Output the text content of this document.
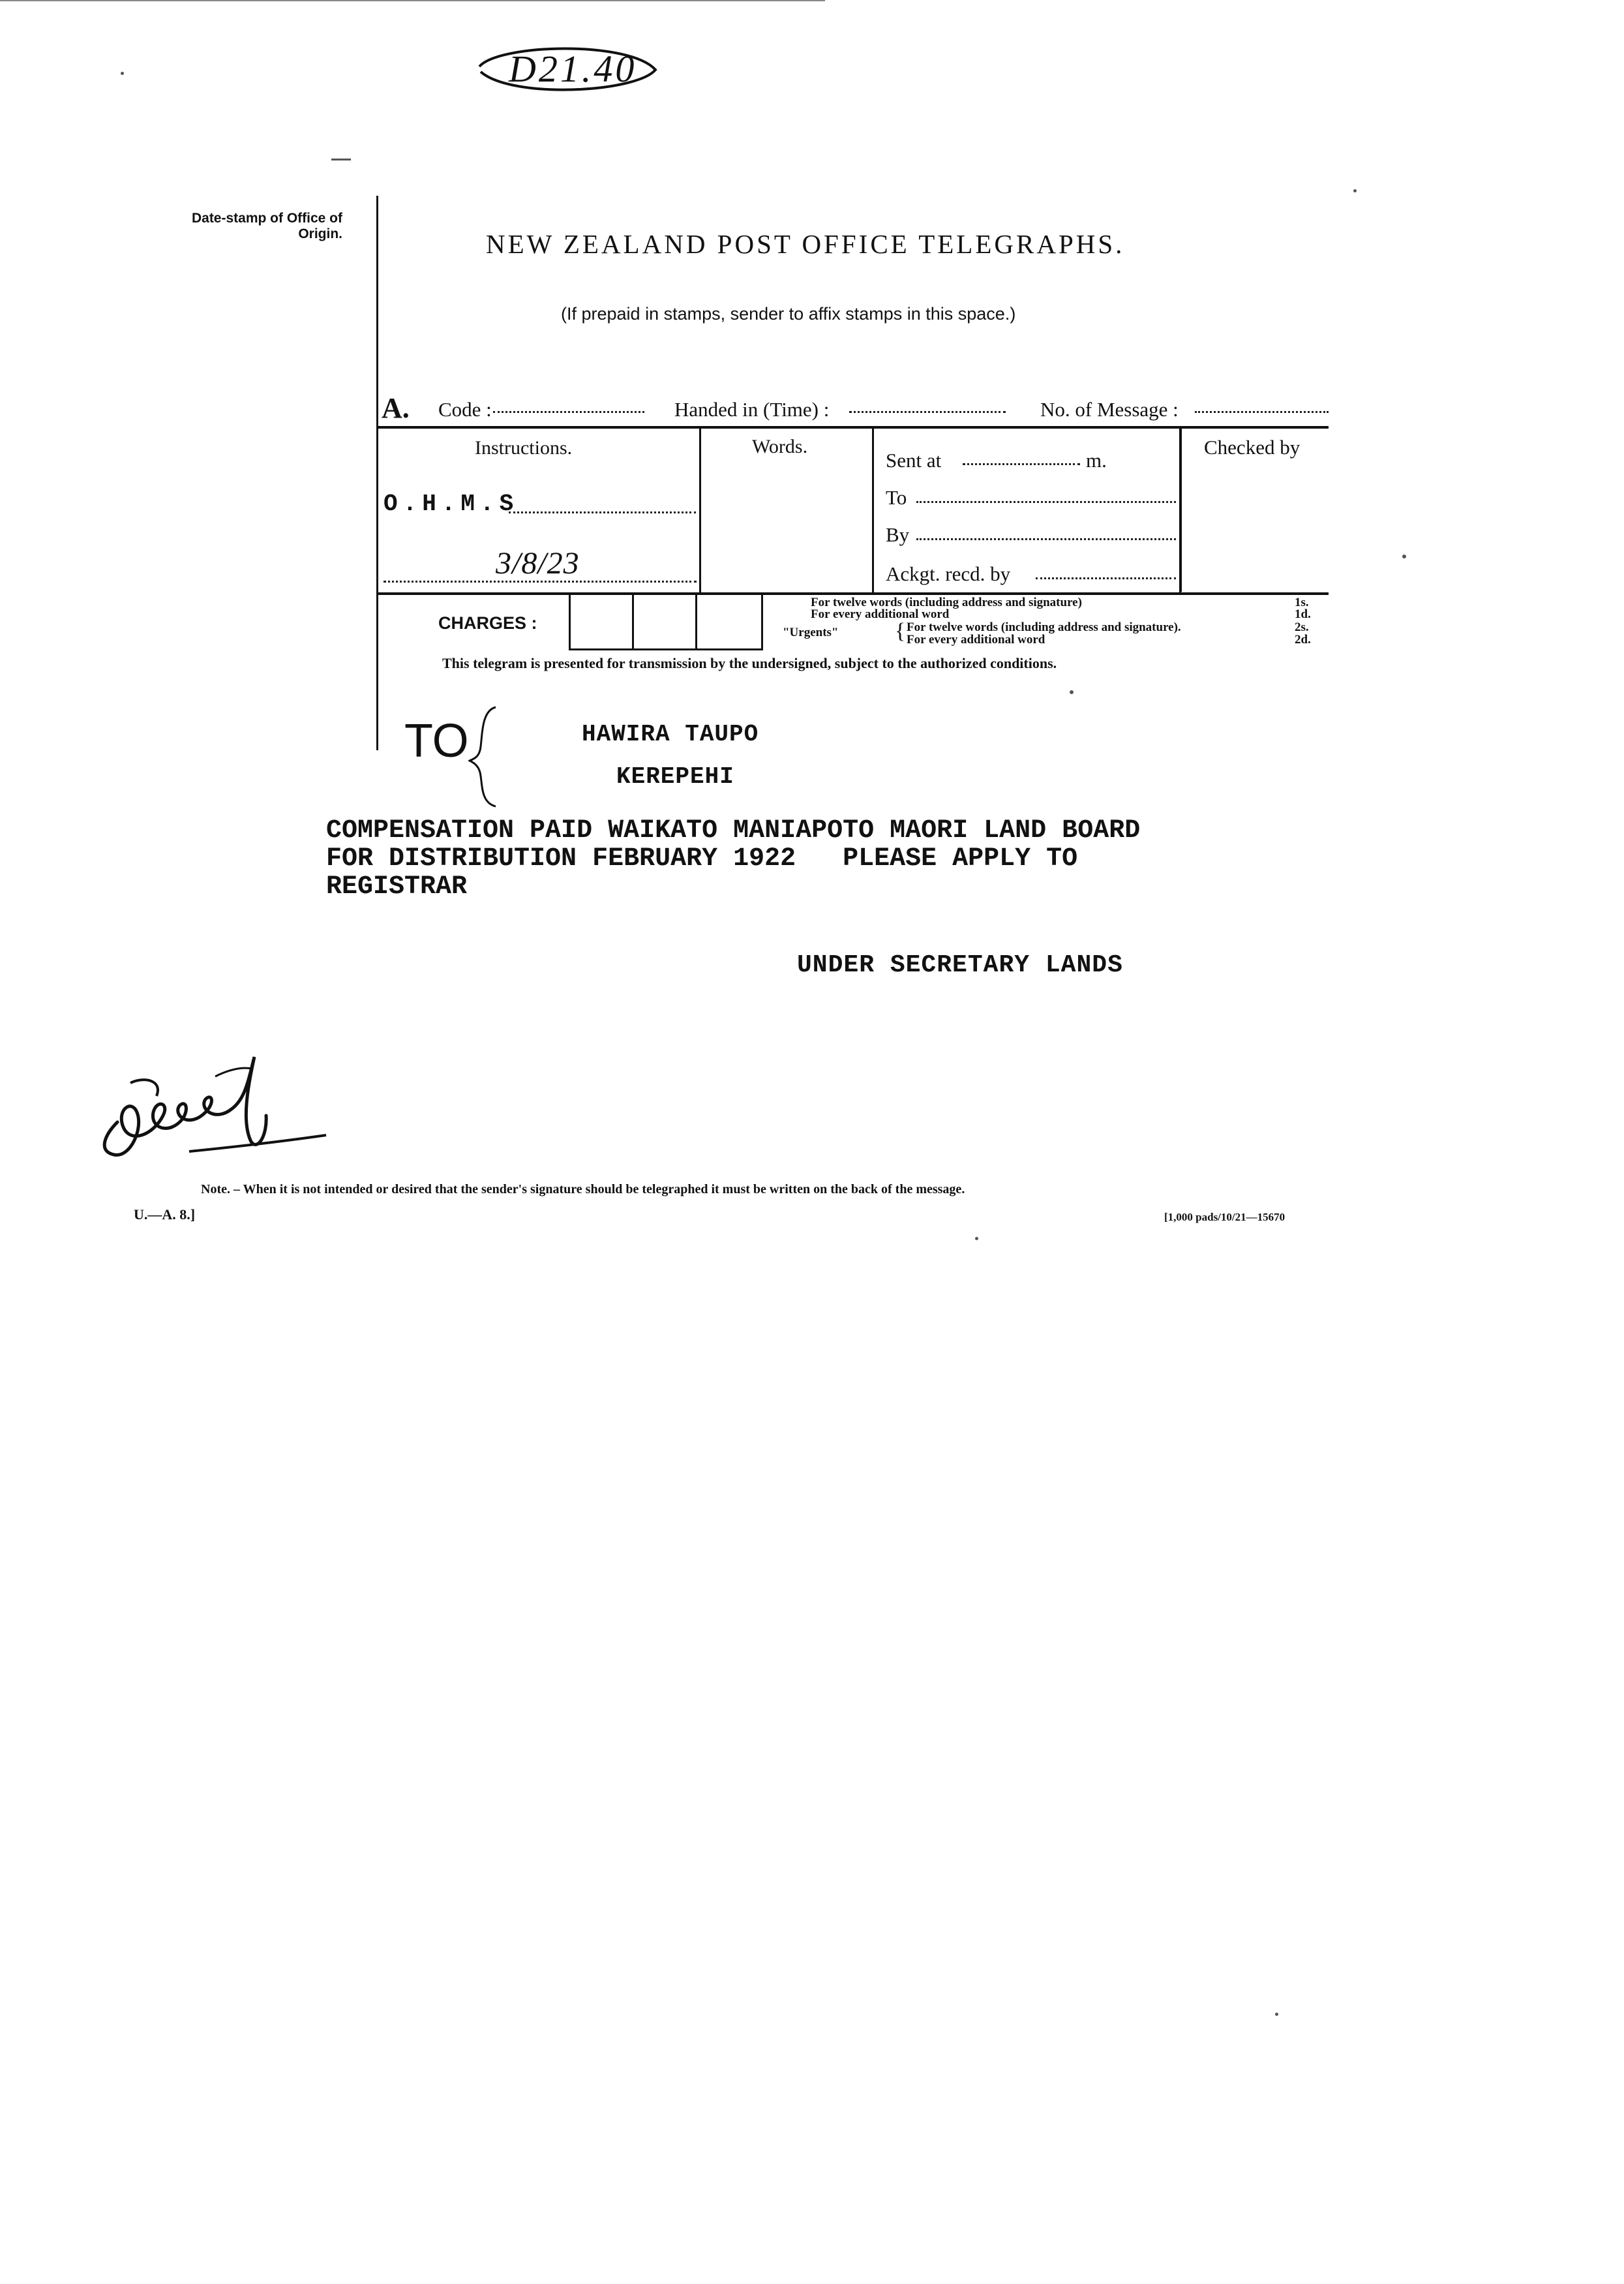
D21.40
Date-stamp of Office of Origin.	NEW ZEALAND POST OFFICE TELEGRAPHS.
(If prepaid in stamps, sender to affix stamps in this space.)
A. Code :	Handed in (Time) :	No. of Message :
Instructions.	Words.	Checked by
O.H.M.S
3/8/23
Sent at	m.
To
By
Ackgt. recd. by
CHARGES :
For twelve words (including address and signature)	1s.
For every additional word	1d.
"Urgents"	{ For twelve words (including address and signature).	2s.
For every additional word	2d.
This telegram is presented for transmission by the undersigned, subject to the authorized conditions.
TO	HAWIRA TAUPO
KEREPEHI
COMPENSATION PAID WAIKATO MANIAPOTO MAORI LAND BOARD
FOR DISTRIBUTION FEBRUARY 1922   PLEASE APPLY TO
REGISTRAR
UNDER SECRETARY LANDS
Note. – When it is not intended or desired that the sender's signature should be telegraphed it must be written on the back of the message.
U.—A. 8.]	[1,000 pads/10/21—15670
